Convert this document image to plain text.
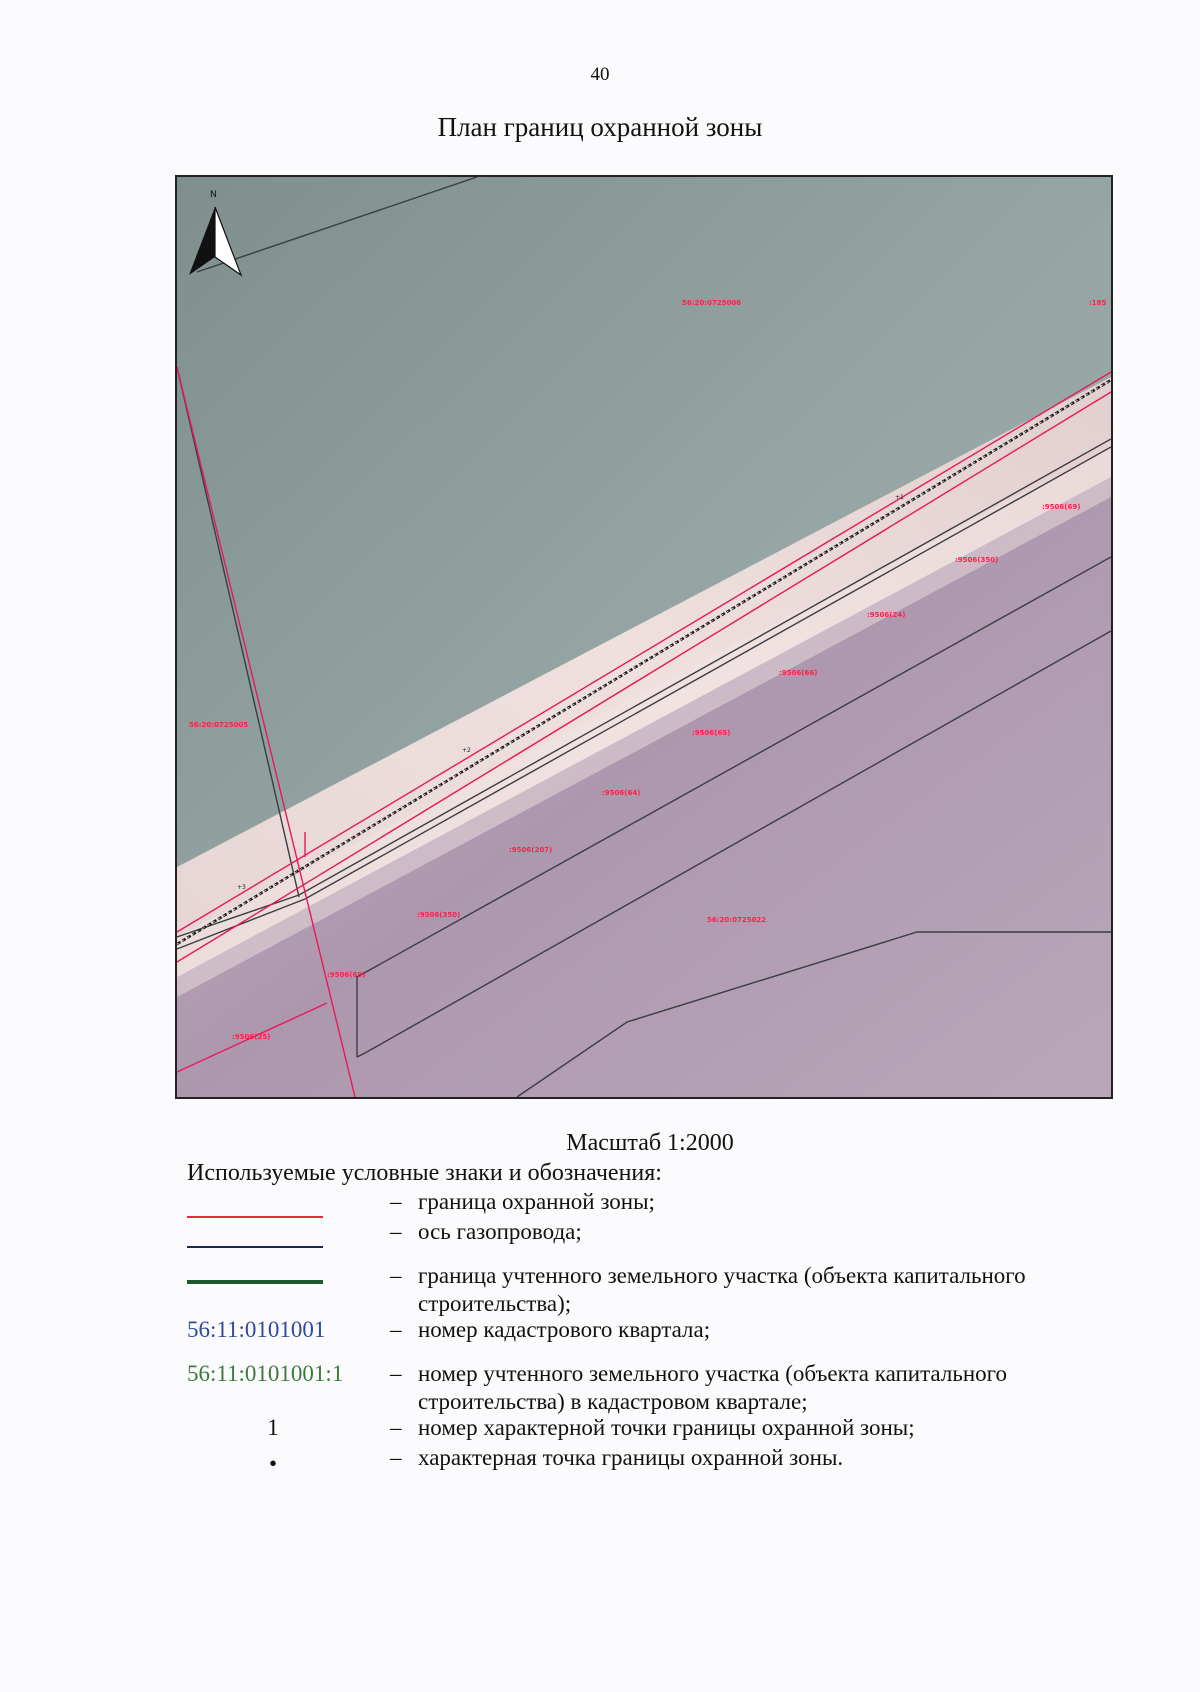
40
План границ охранной зоны
+1
+2
+3
N
56:20:0725006	:185
:9506(69)
:9506(350)
:9506(24)
:9506(66)
:9506(65)
:9506(64)
:9506(207)
:9506(350)
56:20:0725022
56:20:0725005
:9506(69)
:9506(25)
Масштаб 1:2000
Используемые условные знаки и обозначения:
– граница охранной зоны;
– ось газопровода;
– граница учтенного земельного участка (объекта капитального строительства);
56:11:0101001	– номер кадастрового квартала;
56:11:0101001:1	– номер учтенного земельного участка (объекта капитального строительства) в кадастровом квартале;
1	– номер характерной точки границы охранной зоны;
•	– характерная точка границы охранной зоны.
